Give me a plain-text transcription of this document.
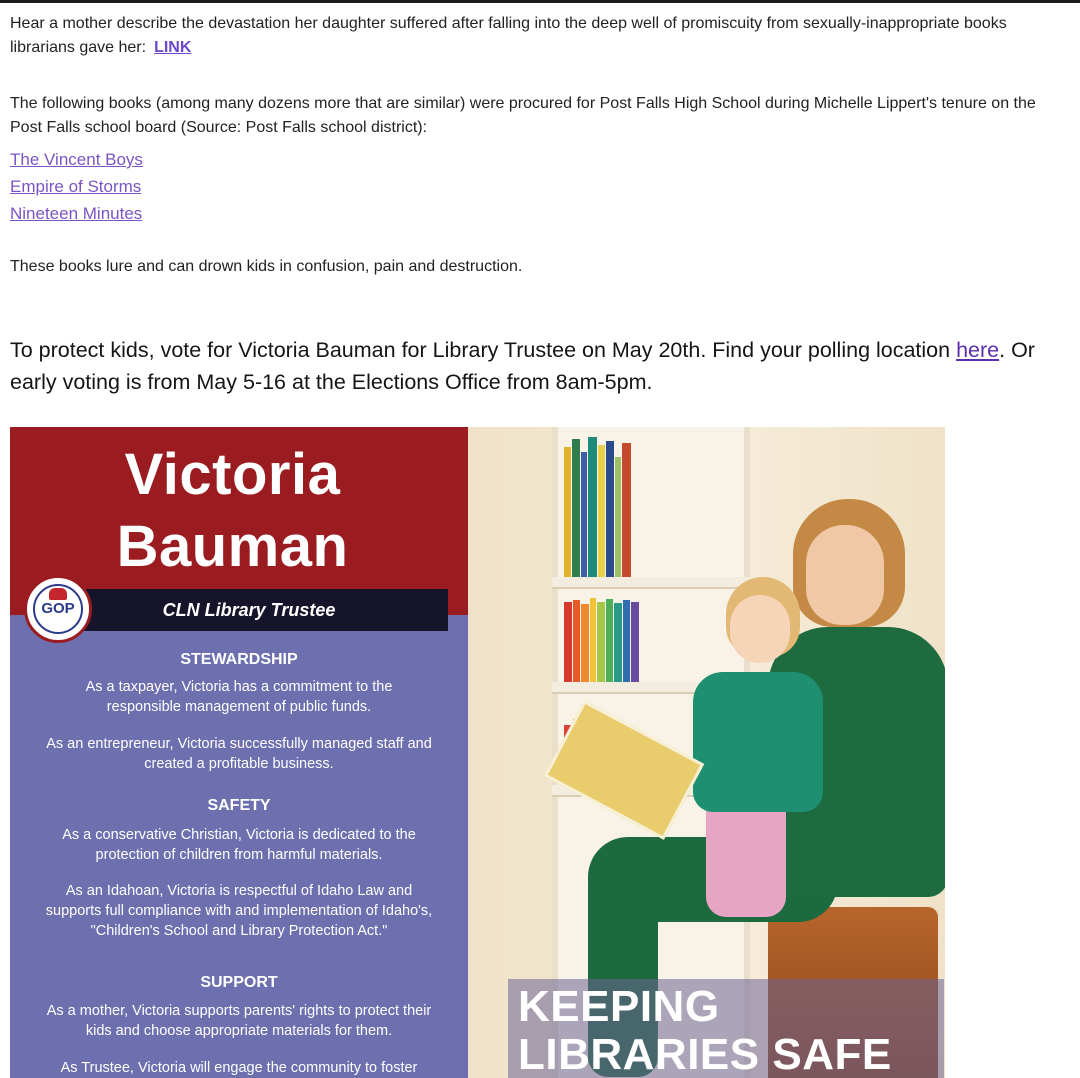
Hear a mother describe the devastation her daughter suffered after falling into the deep well of promiscuity from sexually-inappropriate books librarians gave her: LINK
The following books (among many dozens more that are similar) were procured for Post Falls High School during Michelle Lippert's tenure on the Post Falls school board (Source: Post Falls school district):
The Vincent Boys
Empire of Storms
Nineteen Minutes
These books lure and can drown kids in confusion, pain and destruction.
To protect kids, vote for Victoria Bauman for Library Trustee on May 20th. Find your polling location here. Or early voting is from May 5-16 at the Elections Office from 8am-5pm.
Victoria
Bauman
CLN Library Trustee
GOP
STEWARDSHIP
As a taxpayer, Victoria has a commitment to the responsible management of public funds.
As an entrepreneur, Victoria successfully managed staff and created a profitable business.
SAFETY
As a conservative Christian, Victoria is dedicated to the protection of children from harmful materials.
As an Idahoan, Victoria is respectful of Idaho Law and supports full compliance with and implementation of Idaho's, "Children's School and Library Protection Act."
SUPPORT
As a mother, Victoria supports parents' rights to protect their kids and choose appropriate materials for them.
As Trustee, Victoria will engage the community to foster
KEEPING
LIBRARIES SAFE
